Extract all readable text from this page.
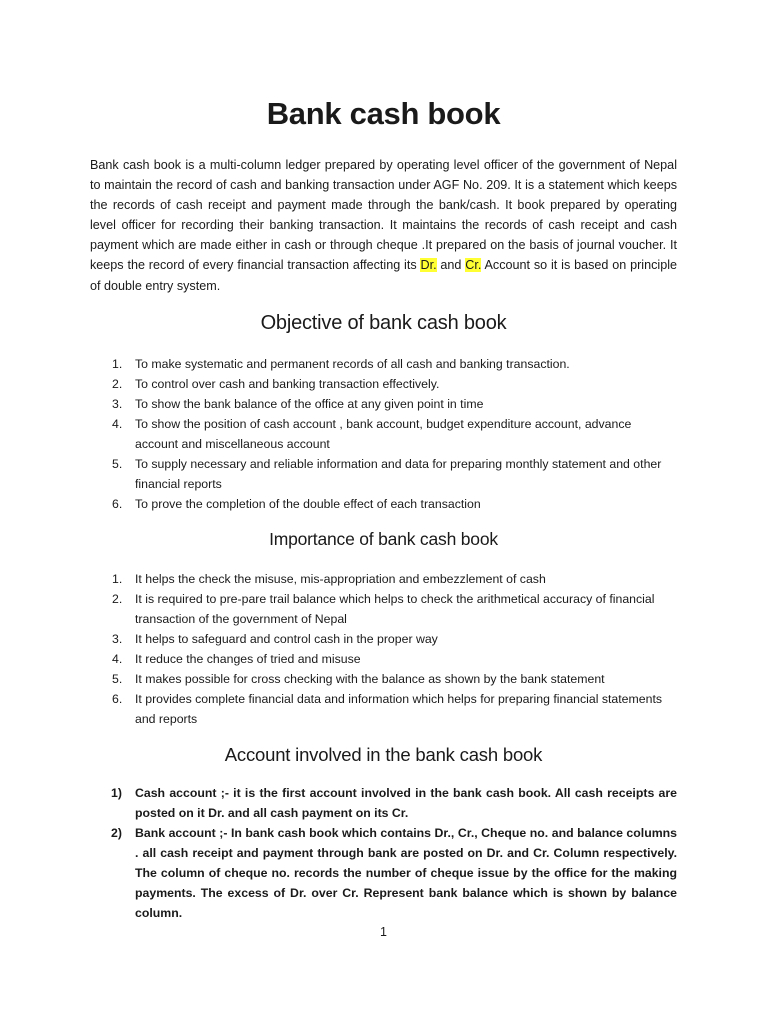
Bank cash book

Bank cash book is a multi-column ledger prepared by operating level officer of the government of Nepal to maintain the record of cash and banking transaction under AGF No. 209. It is a statement which keeps the records of cash receipt and payment made through the bank/cash. It book prepared by operating level officer for recording their banking transaction. It maintains the records of cash receipt and cash payment which are made either in cash or through cheque .It prepared on the basis of journal voucher. It keeps the record of every financial transaction affecting its Dr. and Cr. Account so it is based on principle of double entry system.

Objective of bank cash book
1. To make systematic and permanent records of all cash and banking transaction.
2. To control over cash and banking transaction effectively.
3. To show the bank balance of the office at any given point in time
4. To show the position of cash account , bank account, budget expenditure account, advance account and miscellaneous account
5. To supply necessary and reliable information and data for preparing monthly statement and other financial reports
6. To prove the completion of the double effect of each transaction
Importance of bank cash book
1. It helps the check the misuse, mis-appropriation and embezzlement of cash
2. It is required to pre-pare trail balance which helps to check the arithmetical accuracy of financial transaction of the government of Nepal
3. It helps to safeguard and control cash in the proper way
4. It reduce the changes of tried and misuse
5. It makes possible for cross checking with the balance as shown by the bank statement
6. It provides complete financial data and information which helps for preparing financial statements and reports
Account involved in the bank cash book
1) Cash account ;- it is the first account involved in the bank cash book. All cash receipts are posted on it Dr. and all cash payment on its Cr.
2) Bank account ;- In bank cash book which contains Dr., Cr., Cheque no. and balance columns . all cash receipt and payment through bank are posted on Dr. and Cr. Column respectively. The column of cheque no. records the number of cheque issue by the office for the making payments. The excess of Dr. over Cr. Represent bank balance which is shown by balance column.

1
